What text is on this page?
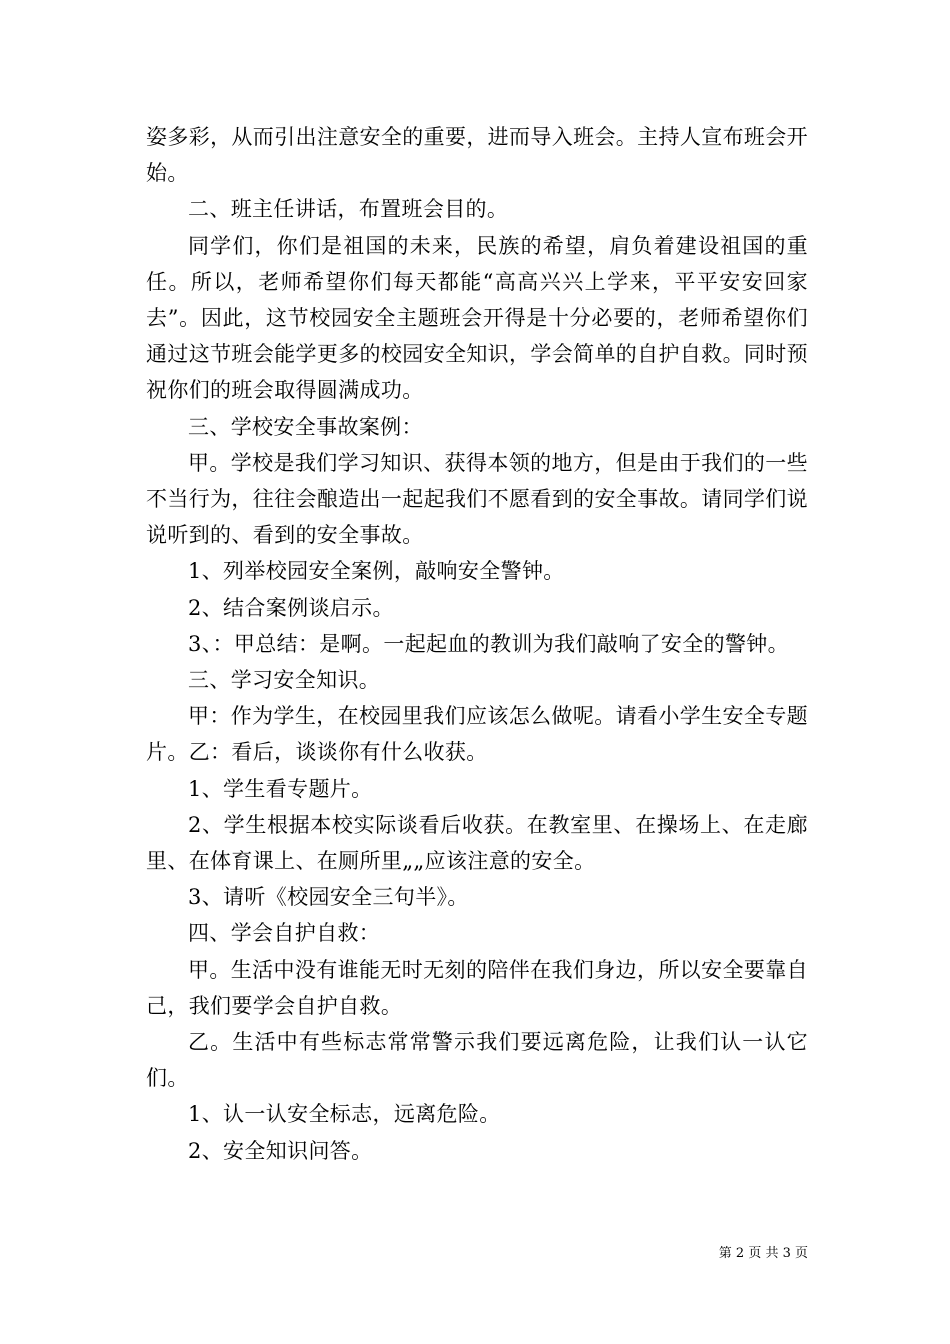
姿多彩，从而引出注意安全的重要，进而导入班会。主持人宣布班会开始。

二、班主任讲话，布置班会目的。

同学们，你们是祖国的未来，民族的希望，肩负着建设祖国的重任。所以，老师希望你们每天都能“高高兴兴上学来，平平安安回家去”。因此，这节校园安全主题班会开得是十分必要的，老师希望你们通过这节班会能学更多的校园安全知识，学会简单的自护自救。同时预祝你们的班会取得圆满成功。

三、学校安全事故案例：

甲。学校是我们学习知识、获得本领的地方，但是由于我们的一些不当行为，往往会酿造出一起起我们不愿看到的安全事故。请同学们说说听到的、看到的安全事故。

1、列举校园安全案例，敲响安全警钟。

2、结合案例谈启示。

3、：甲总结：是啊。一起起血的教训为我们敲响了安全的警钟。

三、学习安全知识。

甲：作为学生，在校园里我们应该怎么做呢。请看小学生安全专题片。乙：看后，谈谈你有什么收获。

1、学生看专题片。

2、学生根据本校实际谈看后收获。在教室里、在操场上、在走廊里、在体育课上、在厕所里„„应该注意的安全。

3、请听《校园安全三句半》。

四、学会自护自救：

甲。生活中没有谁能无时无刻的陪伴在我们身边，所以安全要靠自己，我们要学会自护自救。

乙。生活中有些标志常常警示我们要远离危险，让我们认一认它们。

1、认一认安全标志，远离危险。

2、安全知识问答。

第 2 页 共 3 页
